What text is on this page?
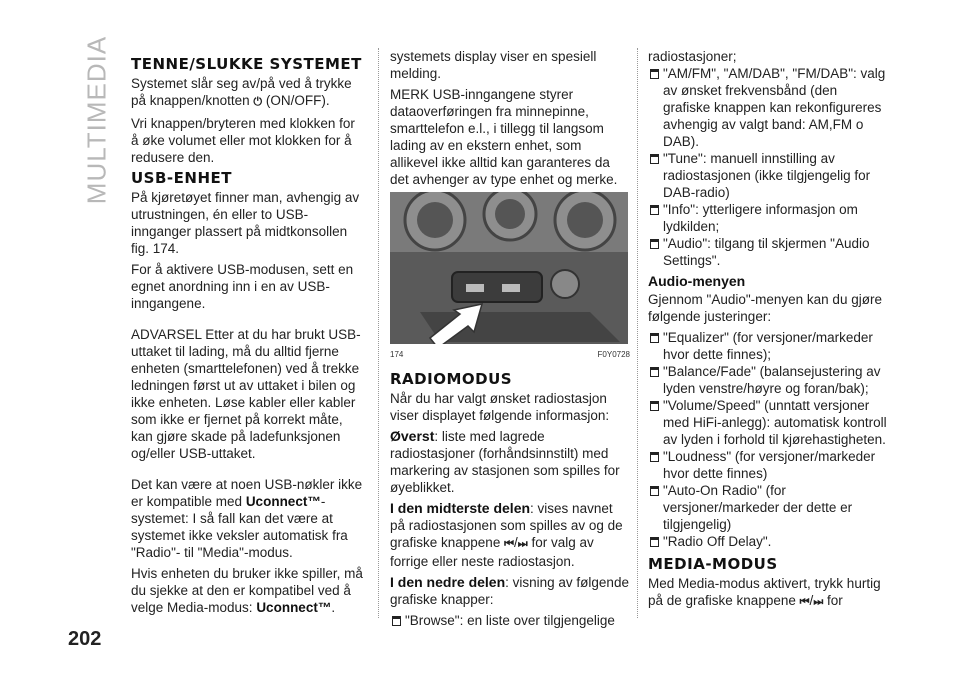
MULTIMEDIA
202
TENNE/SLUKKE SYSTEMET

Systemet slår seg av/på ved å trykke på knappen/knotten ⏻ (ON/OFF).

Vri knappen/bryteren med klokken for å øke volumet eller mot klokken for å redusere den.

USB-ENHET

På kjøretøyet finner man, avhengig av utrustningen, én eller to USB-innganger plassert på midtkonsollen fig. 174.

For å aktivere USB-modusen, sett en egnet anordning inn i en av USB-inngangene.

ADVARSEL Etter at du har brukt USB-uttaket til lading, må du alltid fjerne enheten (smarttelefonen) ved å trekke ledningen først ut av uttaket i bilen og ikke enheten. Løse kabler eller kabler som ikke er fjernet på korrekt måte, kan gjøre skade på ladefunksjonen og/eller USB-uttaket.

Det kan være at noen USB-nøkler ikke er kompatible med Uconnect™-systemet: I så fall kan det være at systemet ikke veksler automatisk fra "Radio"- til "Media"-modus.

Hvis enheten du bruker ikke spiller, må du sjekke at den er kompatibel ved å velge Media-modus: Uconnect™.

systemets display viser en spesiell melding.

MERK USB-inngangene styrer dataoverføringen fra minnepinne, smarttelefon e.l., i tillegg til langsom lading av en ekstern enhet, som allikevel ikke alltid kan garanteres da det avhenger av type enhet og merke.

174	F0Y0728
RADIOMODUS

Når du har valgt ønsket radiostasjon viser displayet følgende informasjon:

Øverst: liste med lagrede radiostasjoner (forhåndsinnstilt) med markering av stasjonen som spilles for øyeblikket.

I den midterste delen: vises navnet på radiostasjonen som spilles av og de grafiske knappene ⏮/⏭ for valg av forrige eller neste radiostasjon.

I den nedre delen: visning av følgende grafiske knapper:

"Browse": en liste over tilgjengelige

radiostasjoner;

"AM/FM", "AM/DAB", "FM/DAB": valg av ønsket frekvensbånd (den grafiske knappen kan rekonfigureres avhengig av valgt band: AM,FM o DAB).

"Tune": manuell innstilling av radiostasjonen (ikke tilgjengelig for DAB-radio)

"Info": ytterligere informasjon om lydkilden;

"Audio": tilgang til skjermen "Audio Settings".

Audio-menyen

Gjennom "Audio"-menyen kan du gjøre følgende justeringer:

"Equalizer" (for versjoner/markeder hvor dette finnes);

"Balance/Fade" (balansejustering av lyden venstre/høyre og foran/bak);

"Volume/Speed" (unntatt versjoner med HiFi-anlegg): automatisk kontroll av lyden i forhold til kjørehastigheten.

"Loudness" (for versjoner/markeder hvor dette finnes)

"Auto-On Radio" (for versjoner/markeder der dette er tilgjengelig)

"Radio Off Delay".

MEDIA-MODUS

Med Media-modus aktivert, trykk hurtig på de grafiske knappene ⏮/⏭ for
